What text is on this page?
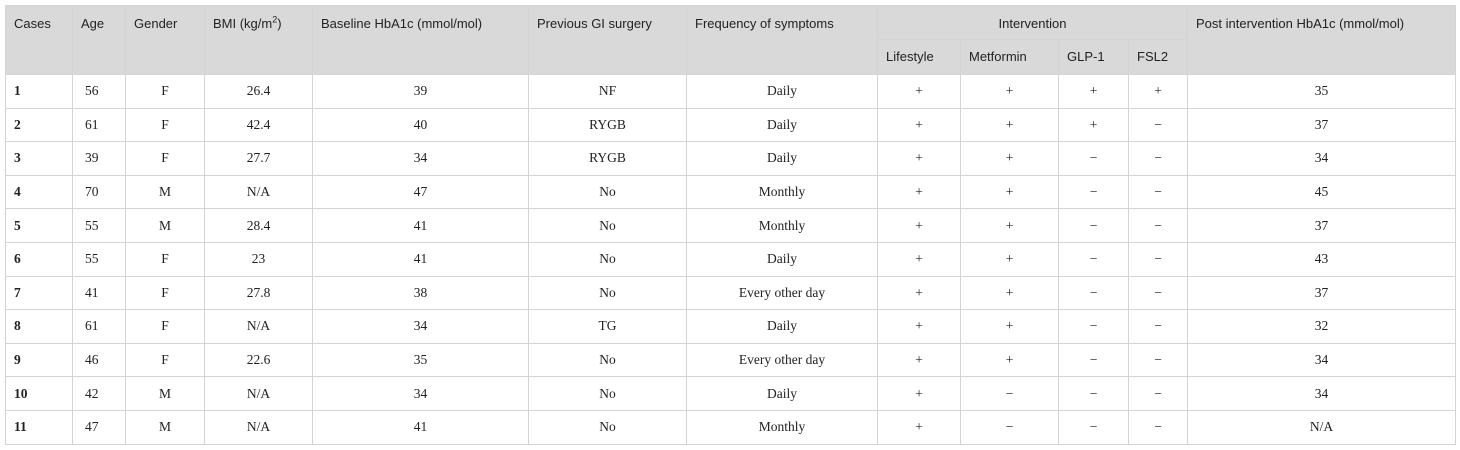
Cases	Age	Gender	BMI $(kg/m^2)$	Baseline HbA1c (mmol/mol)	Previous GI surgery	Frequency of symptoms	Intervention				Post intervention HbA1c (mmol/mol)
							Lifestyle	Metformin	GLP-1	FSL2	
1	56	F	26.4	39	NF	Daily	+	+	+	+	35
2	61	F	42.4	40	RYGB	Daily	+	+	+	−	37
3	39	F	27.7	34	RYGB	Daily	+	+	−	−	34
4	70	M	N/A	47	No	Monthly	+	+	−	−	45
5	55	M	28.4	41	No	Monthly	+	+	−	−	37
6	55	F	23	41	No	Daily	+	+	−	−	43
7	41	F	27.8	38	No	Every other day	+	+	−	−	37
8	61	F	N/A	34	TG	Daily	+	+	−	−	32
9	46	F	22.6	35	No	Every other day	+	+	−	−	34
10	42	M	N/A	34	No	Daily	+	−	−	−	34
11	47	M	N/A	41	No	Monthly	+	−	−	−	N/A
